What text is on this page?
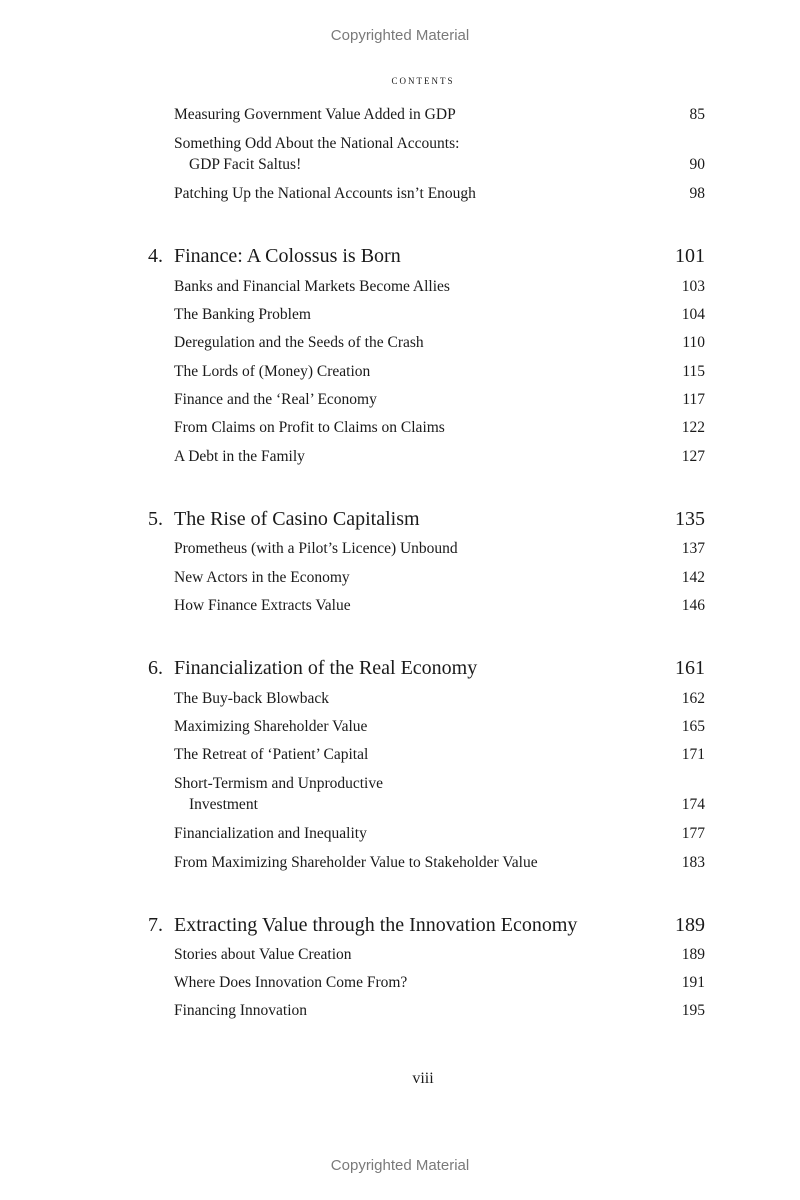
Copyrighted Material
contents
Measuring Government Value Added in GDP	85
Something Odd About the National Accounts:
GDP Facit Saltus!	90
Patching Up the National Accounts isn’t Enough	98
4. Finance: A Colossus is Born	101
Banks and Financial Markets Become Allies	103
The Banking Problem	104
Deregulation and the Seeds of the Crash	110
The Lords of (Money) Creation	115
Finance and the ‘Real’ Economy	117
From Claims on Profit to Claims on Claims	122
A Debt in the Family	127
5. The Rise of Casino Capitalism	135
Prometheus (with a Pilot’s Licence) Unbound	137
New Actors in the Economy	142
How Finance Extracts Value	146
6. Financialization of the Real Economy	161
The Buy-back Blowback	162
Maximizing Shareholder Value	165
The Retreat of ‘Patient’ Capital	171
Short-Termism and Unproductive
Investment	174
Financialization and Inequality	177
From Maximizing Shareholder Value to Stakeholder Value	183
7. Extracting Value through the Innovation Economy	189
Stories about Value Creation	189
Where Does Innovation Come From?	191
Financing Innovation	195
viii
Copyrighted Material
